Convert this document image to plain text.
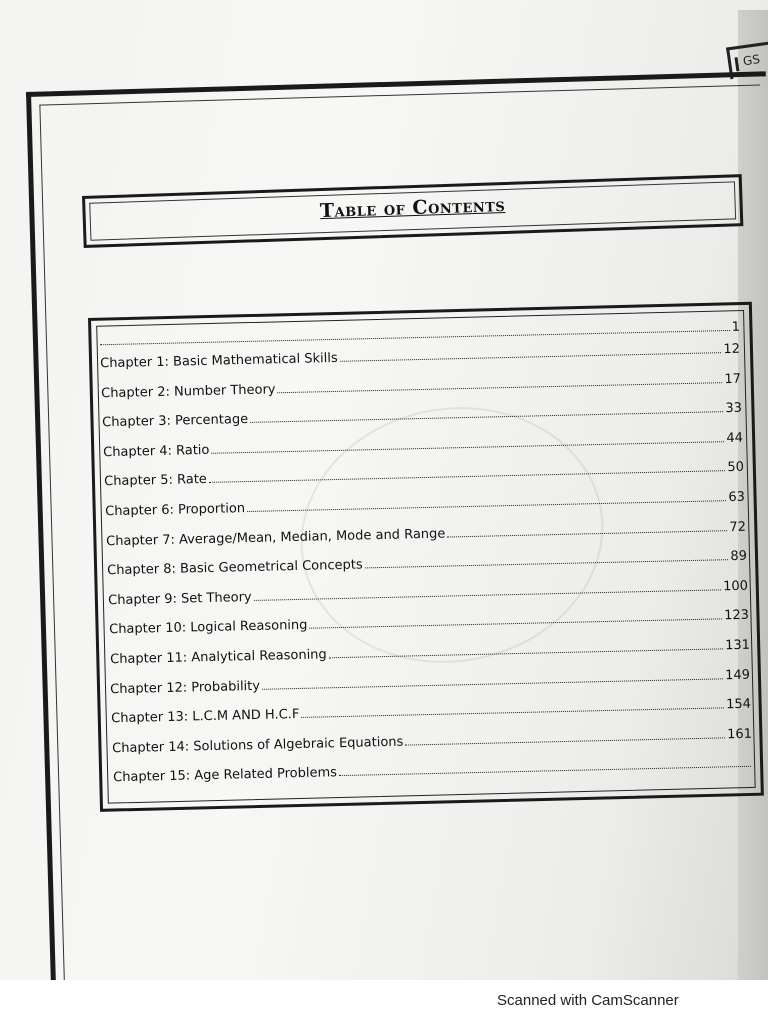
GS
Table of Contents
1
Chapter 1: Basic Mathematical Skills
12
Chapter 2: Number Theory
17
Chapter 3: Percentage
33
Chapter 4: Ratio
44
Chapter 5: Rate
50
Chapter 6: Proportion
63
Chapter 7: Average/Mean, Median, Mode and Range	72
Chapter 8: Basic Geometrical Concepts
89
Chapter 9: Set Theory
100
Chapter 10: Logical Reasoning
123
Chapter 11: Analytical Reasoning
131
Chapter 12: Probability
149
Chapter 13: L.C.M AND H.C.F
154
Chapter 14: Solutions of Algebraic Equations
161
Chapter 15: Age Related Problems
Scanned with CamScanner
